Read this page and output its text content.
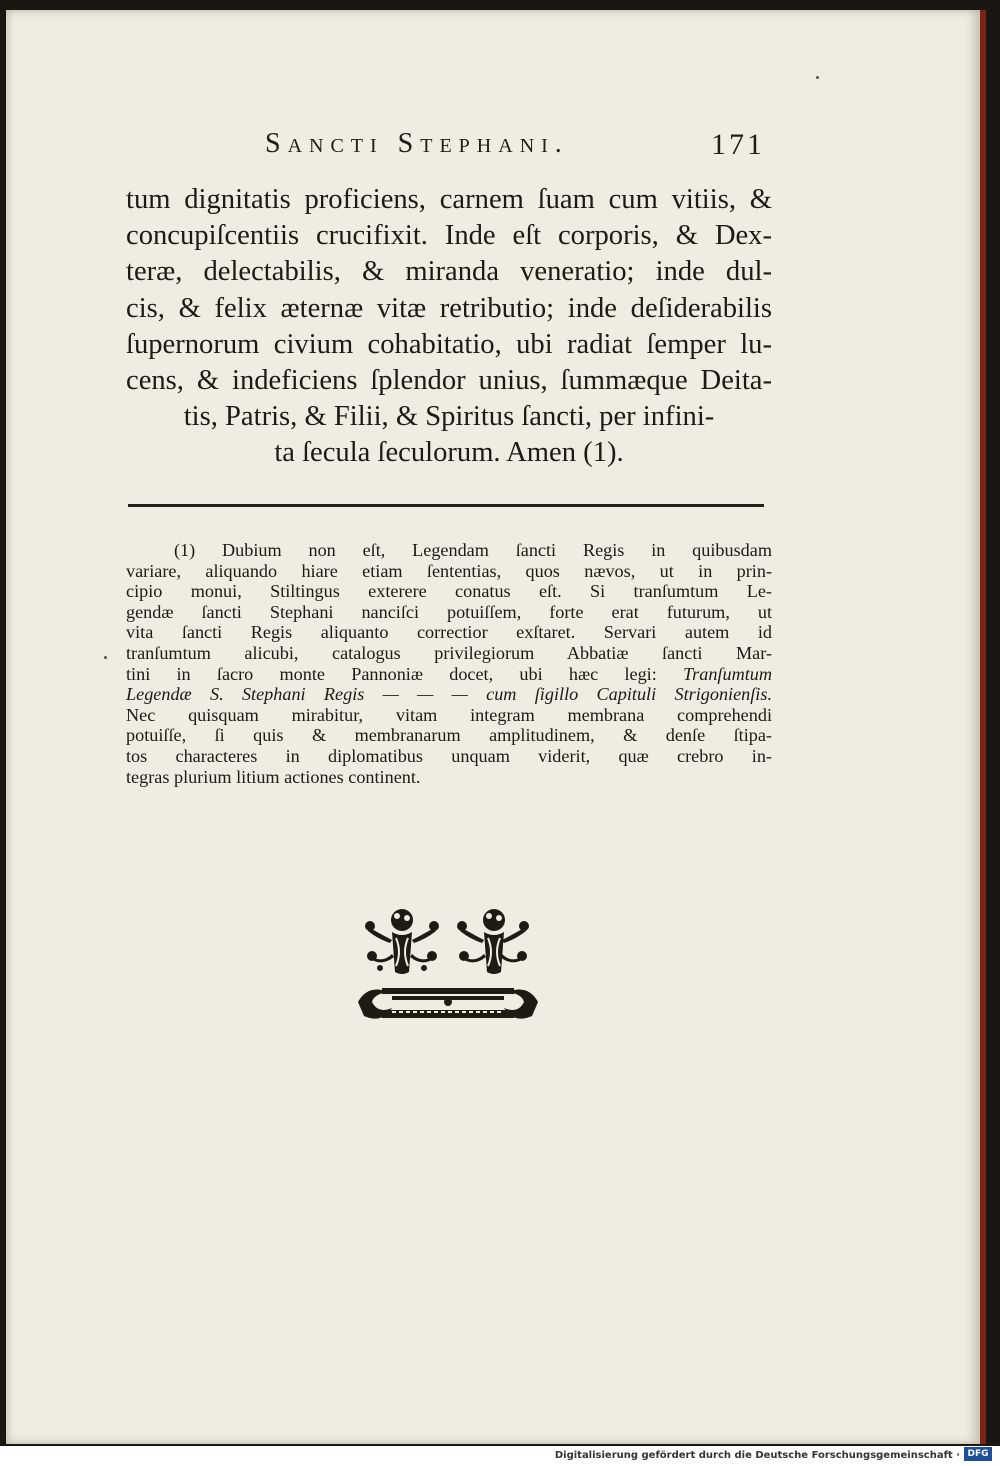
Sancti Stephani.	171
tum dignitatis proficiens, carnem ſuam cum vitiis, &
concupiſcentiis crucifixit. Inde eſt corporis, & Dex-
teræ, delectabilis, & miranda veneratio; inde dul-
cis, & felix æternæ vitæ retributio; inde deſiderabilis
ſupernorum civium cohabitatio, ubi radiat ſemper lu-
cens, & indeficiens ſplendor unius, ſummæque Deita-
tis, Patris, & Filii, & Spiritus ſancti, per infini-
ta ſecula ſeculorum. Amen (1).
(1) Dubium non eſt, Legendam ſancti Regis in quibusdam
variare, aliquando hiare etiam ſententias, quos nævos, ut in prin-
cipio monui, Stiltingus exterere conatus eſt. Si tranſumtum Le-
gendæ ſancti Stephani nanciſci potuiſſem, forte erat futurum, ut
vita ſancti Regis aliquanto correctior exſtaret. Servari autem id
tranſumtum alicubi, catalogus privilegiorum Abbatiæ ſancti Mar-
tini in ſacro monte Pannoniæ docet, ubi hæc legi: Tranſumtum
Legendæ S. Stephani Regis — — — cum ſigillo Capituli Strigonienſis.
Nec quisquam mirabitur, vitam integram membrana comprehendi
potuiſſe, ſi quis & membranarum amplitudinem, & denſe ſtipa-
tos characteres in diplomatibus unquam viderit, quæ crebro in-
tegras plurium litium actiones continent.
Digitalisierung gefördert durch die Deutsche Forschungsgemeinschaft · DFG
